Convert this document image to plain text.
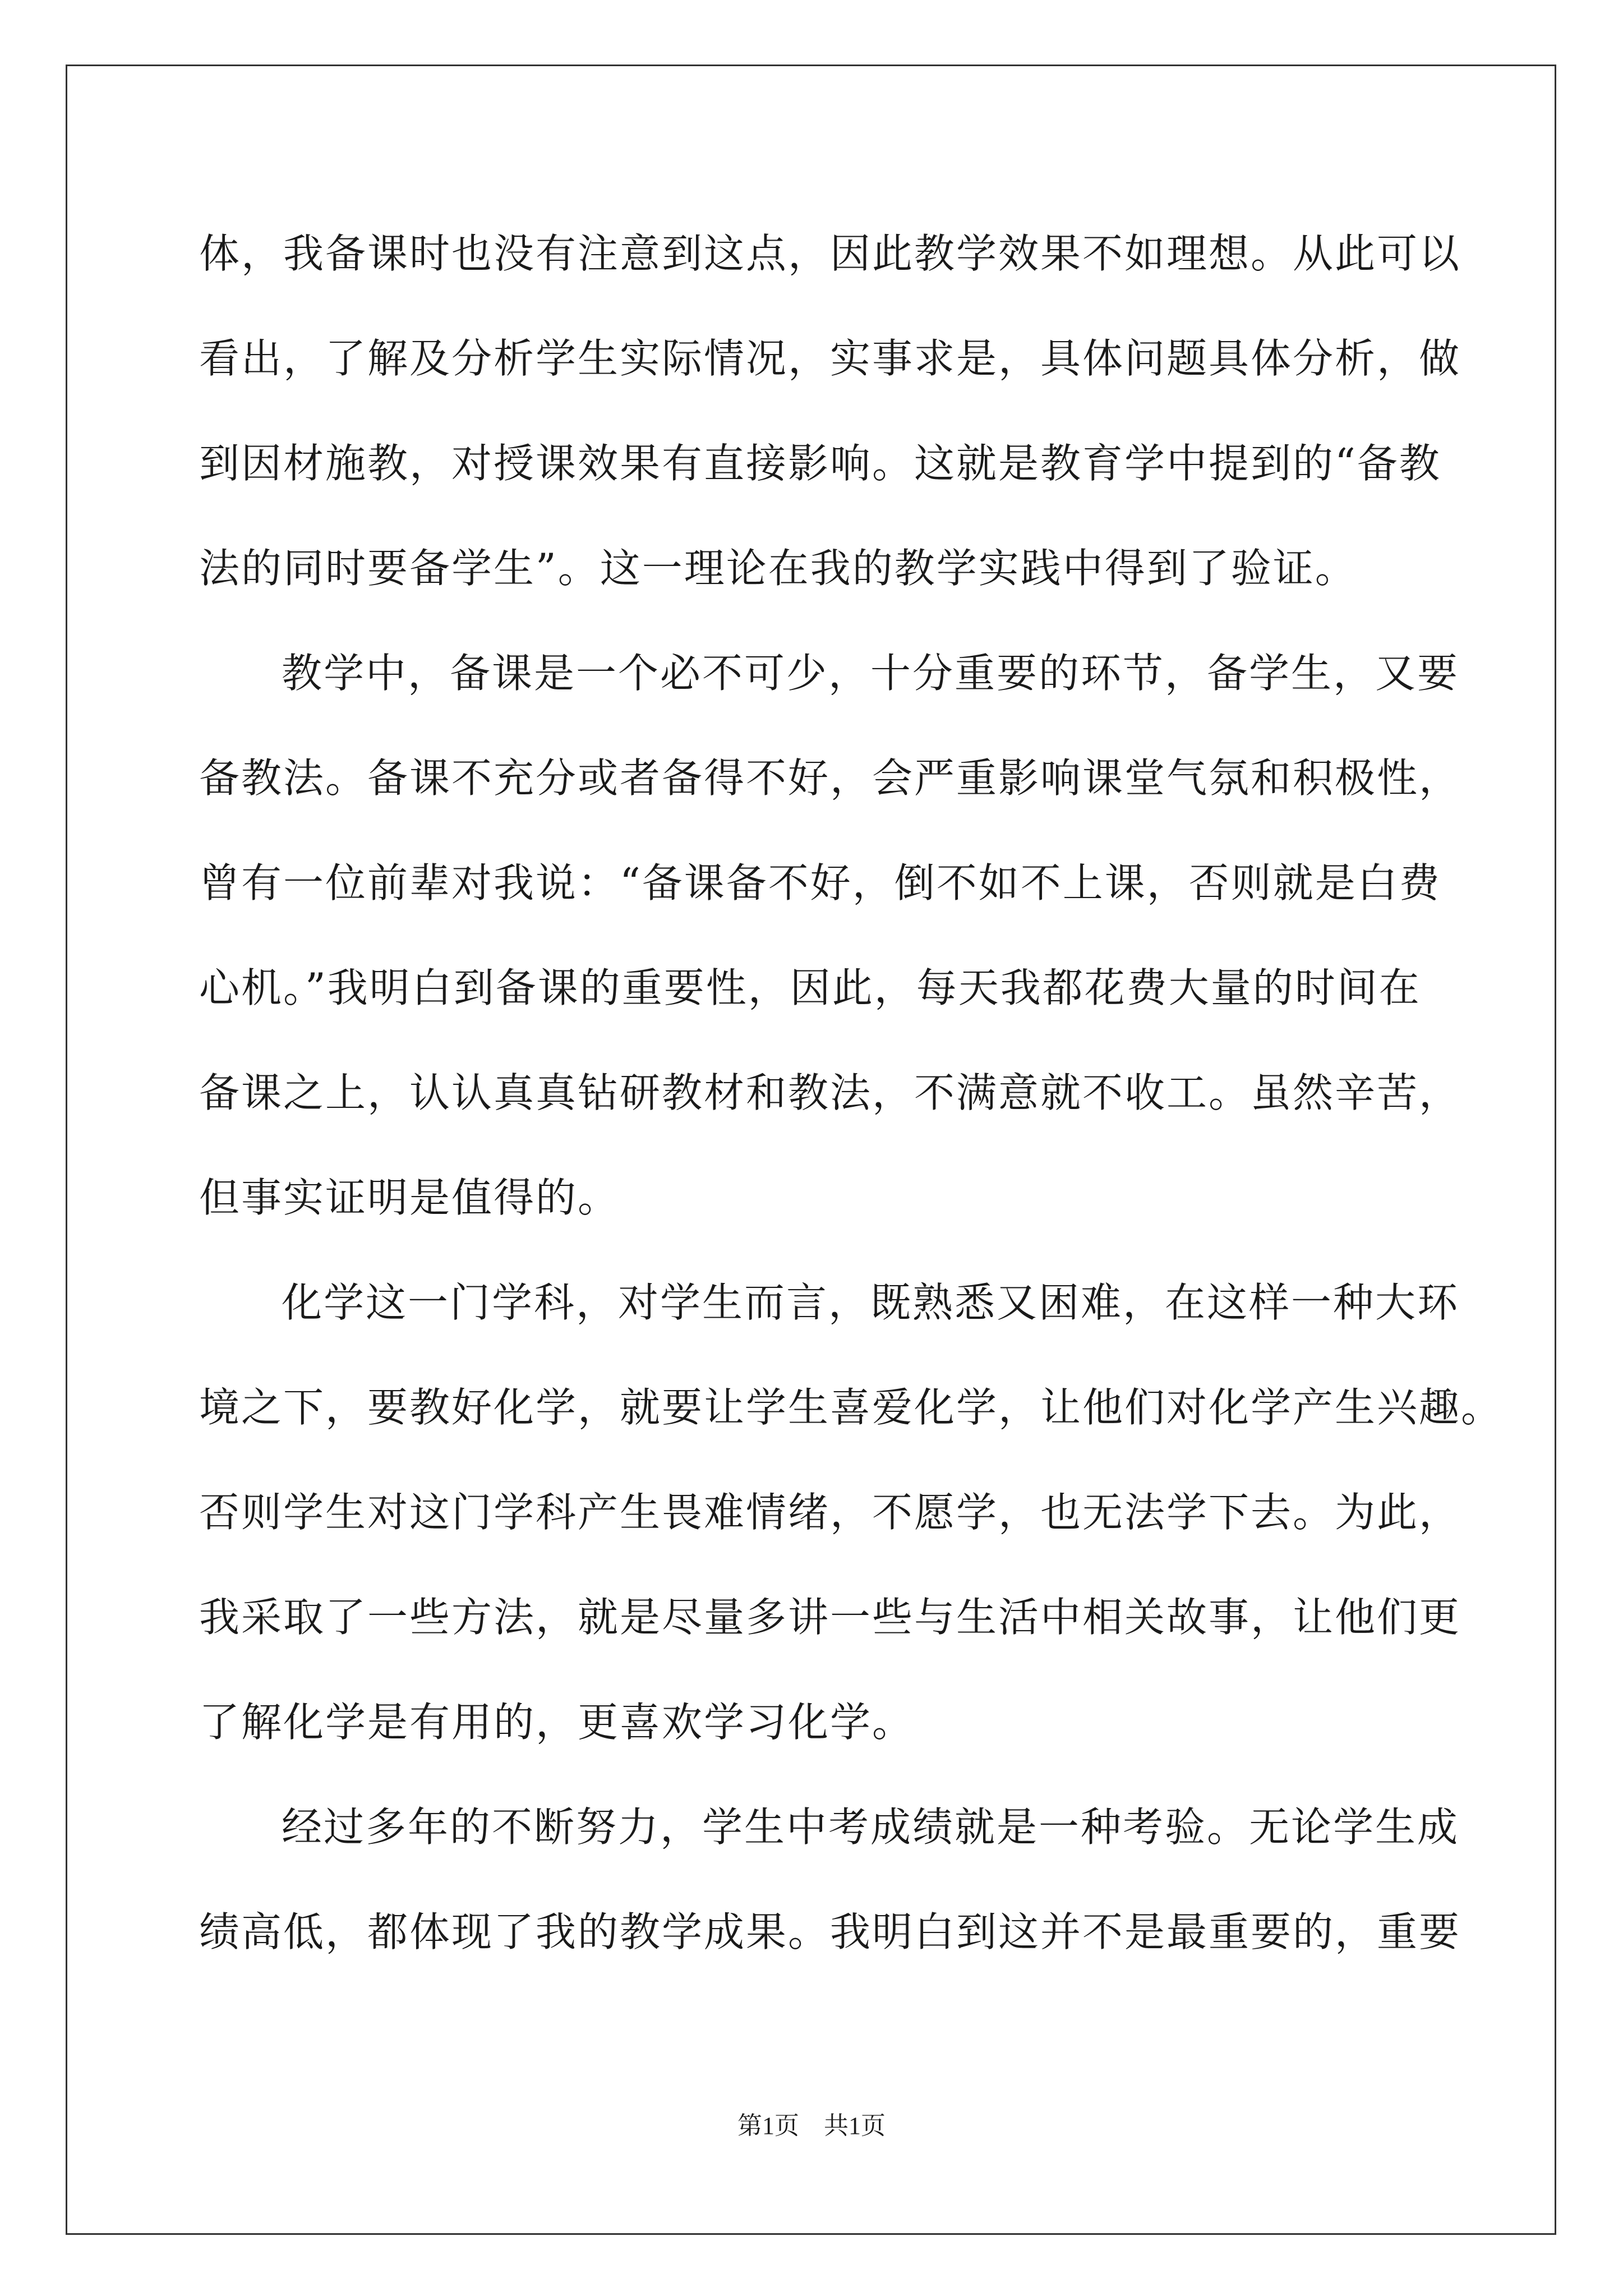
体，我备课时也没有注意到这点，因此教学效果不如理想。从此可以
看出，了解及分析学生实际情况，实事求是，具体问题具体分析，做
到因材施教，对授课效果有直接影响。这就是教育学中提到的“备教
法的同时要备学生”。这一理论在我的教学实践中得到了验证。
教学中，备课是一个必不可少，十分重要的环节，备学生，又要
备教法。备课不充分或者备得不好，会严重影响课堂气氛和积极性，
曾有一位前辈对我说：“备课备不好，倒不如不上课，否则就是白费
心机。”我明白到备课的重要性，因此，每天我都花费大量的时间在
备课之上，认认真真钻研教材和教法，不满意就不收工。虽然辛苦，
但事实证明是值得的。
化学这一门学科，对学生而言，既熟悉又困难，在这样一种大环
境之下，要教好化学，就要让学生喜爱化学，让他们对化学产生兴趣。
否则学生对这门学科产生畏难情绪，不愿学，也无法学下去。为此，
我采取了一些方法，就是尽量多讲一些与生活中相关故事，让他们更
了解化学是有用的，更喜欢学习化学。
经过多年的不断努力，学生中考成绩就是一种考验。无论学生成
绩高低，都体现了我的教学成果。我明白到这并不是最重要的，重要
第1页　共1页
